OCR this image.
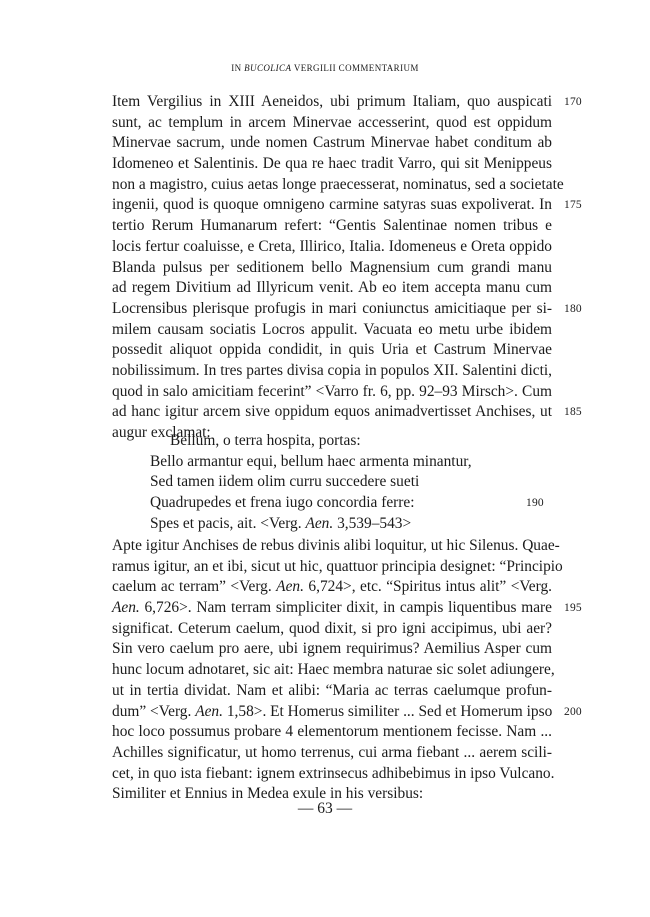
IN BUCOLICA VERGILII COMMENTARIUM
Item Vergilius in XIII Aeneidos, ubi primum Italiam, quo auspicati 170
sunt, ac templum in arcem Minervae accesserint, quod est oppidum
Minervae sacrum, unde nomen Castrum Minervae habet conditum ab
Idomeneo et Salentinis. De qua re haec tradit Varro, qui sit Menippeus
non a magistro, cuius aetas longe praecesserat, nominatus, sed a societate
ingenii, quod is quoque omnigeno carmine satyras suas expoliverat. In 175
tertio Rerum Humanarum refert: “Gentis Salentinae nomen tribus e
locis fertur coaluisse, e Creta, Illirico, Italia. Idomeneus e Oreta oppido
Blanda pulsus per seditionem bello Magnensium cum grandi manu
ad regem Divitium ad Illyricum venit. Ab eo item accepta manu cum
Locrensibus plerisque profugis in mari coniunctus amicitiaque per si- 180
milem causam sociatis Locros appulit. Vacuata eo metu urbe ibidem
possedit aliquot oppida condidit, in quis Uria et Castrum Minervae
nobilissimum. In tres partes divisa copia in populos XII. Salentini dicti,
quod in salo amicitiam fecerint” <Varro fr. 6, pp. 92–93 Mirsch>. Cum
ad hanc igitur arcem sive oppidum equos animadvertisset Anchises, ut 185
augur exclamat:
Bellum, o terra hospita, portas:
Bello armantur equi, bellum haec armenta minantur,
Sed tamen iidem olim curru succedere sueti
Quadrupedes et frena iugo concordia ferre:	190
Spes et pacis, ait. <Verg. Aen. 3,539–543>
Apte igitur Anchises de rebus divinis alibi loquitur, ut hic Silenus. Quae-
ramus igitur, an et ibi, sicut ut hic, quattuor principia designet: “Principio
caelum ac terram” <Verg. Aen. 6,724>, etc. “Spiritus intus alit” <Verg.
Aen. 6,726>. Nam terram simpliciter dixit, in campis liquentibus mare 195
significat. Ceterum caelum, quod dixit, si pro igni accipimus, ubi aer?
Sin vero caelum pro aere, ubi ignem requirimus? Aemilius Asper cum
hunc locum adnotaret, sic ait: Haec membra naturae sic solet adiungere,
ut in tertia dividat. Nam et alibi: “Maria ac terras caelumque profun-
dum” <Verg. Aen. 1,58>. Et Homerus similiter ... Sed et Homerum ipso 200
hoc loco possumus probare 4 elementorum mentionem fecisse. Nam ...
Achilles significatur, ut homo terrenus, cui arma fiebant ... aerem scili-
cet, in quo ista fiebant: ignem extrinsecus adhibebimus in ipso Vulcano.
Similiter et Ennius in Medea exule in his versibus:
— 63 —
